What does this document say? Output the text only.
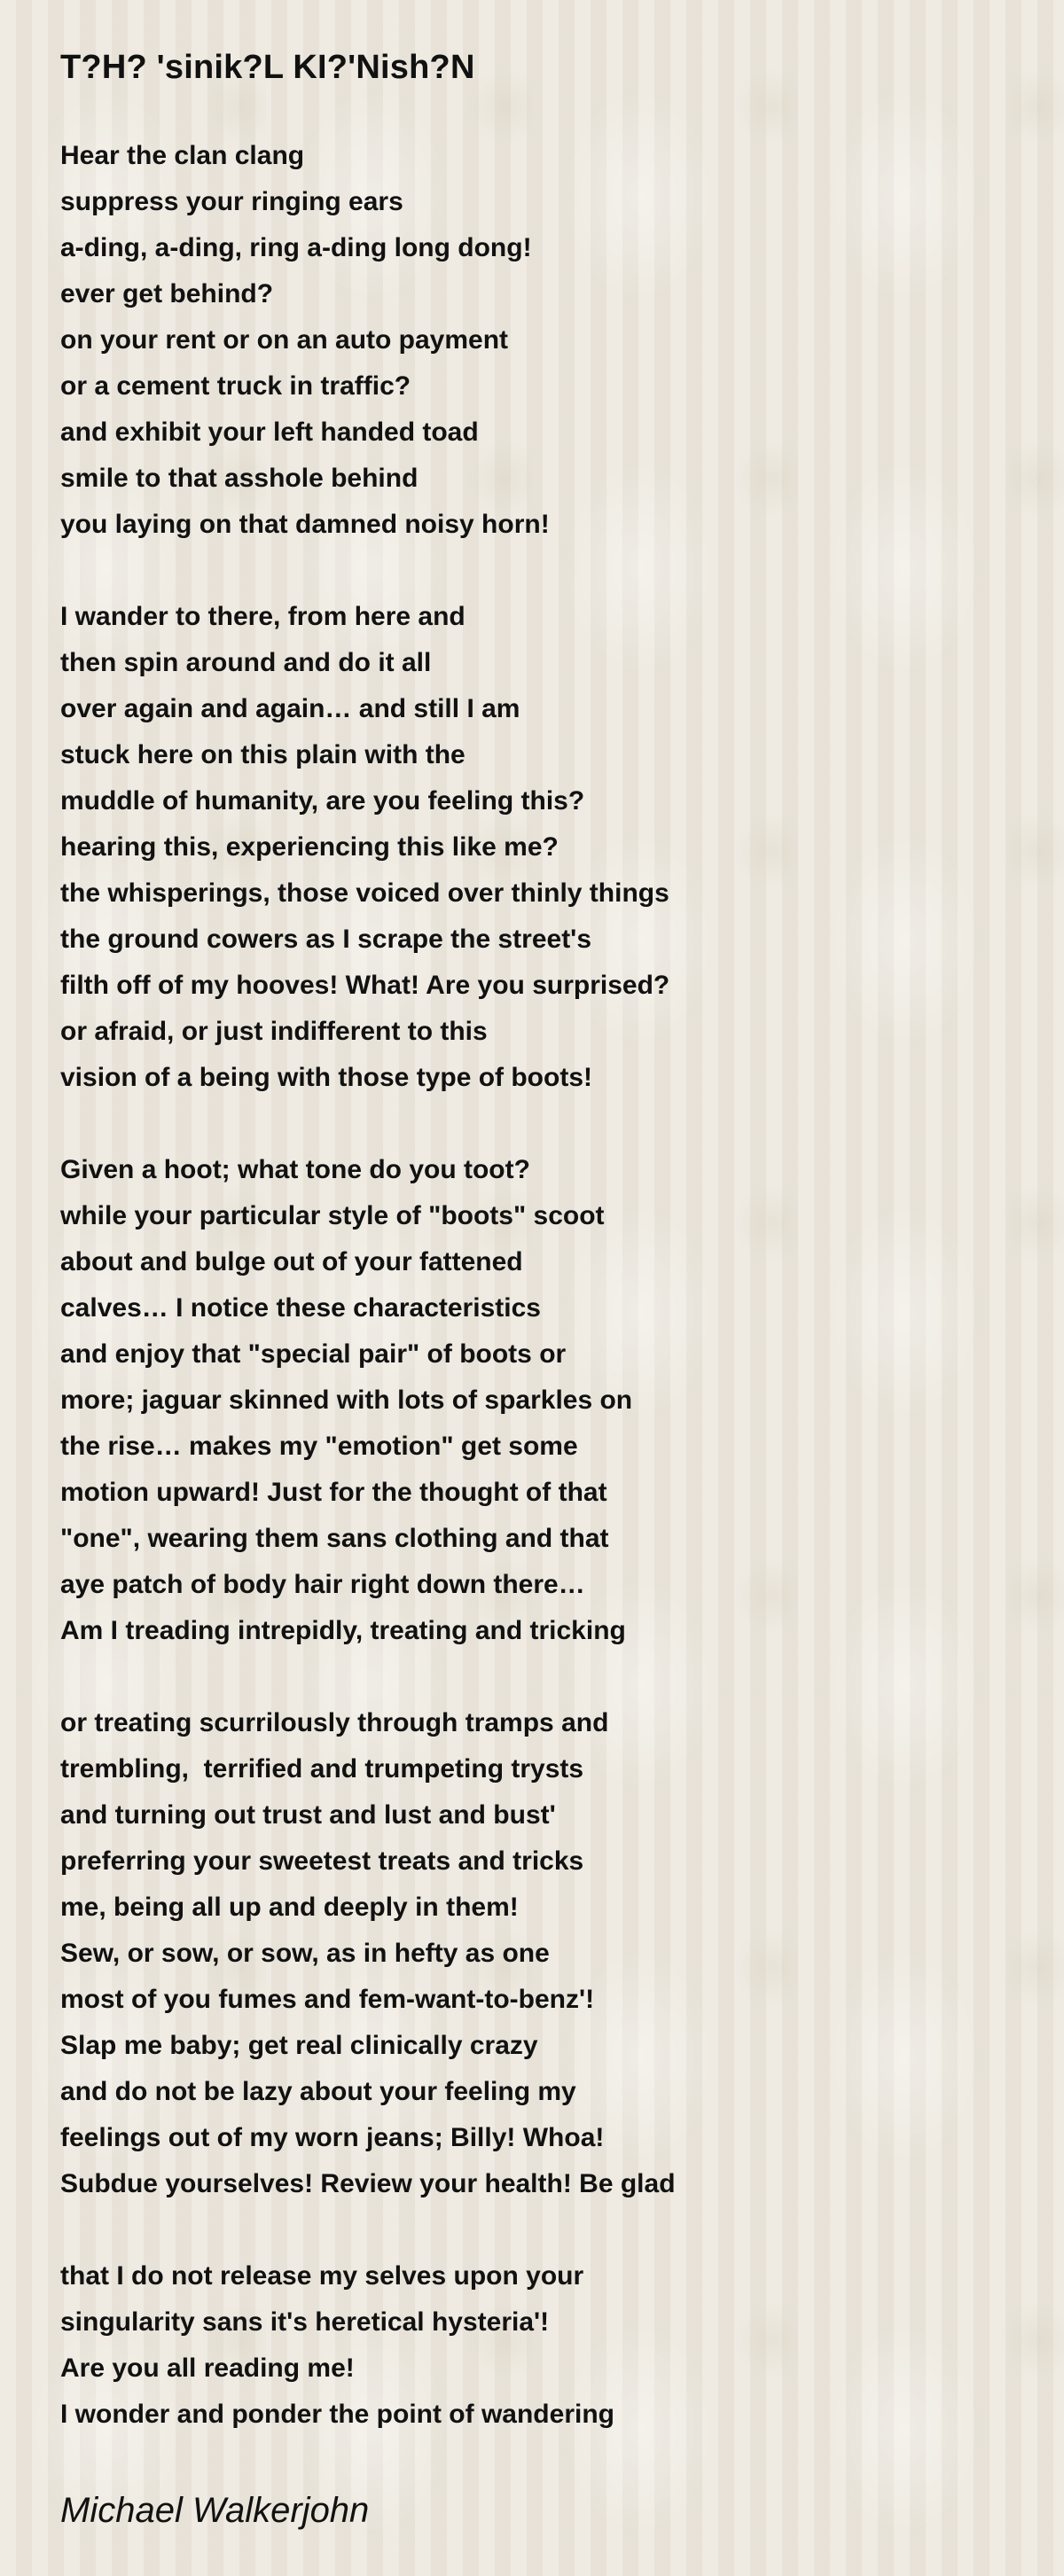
T?H? 'sinik?L KI?'Nish?N
Hear the clan clang
suppress your ringing ears
a-ding, a-ding, ring a-ding long dong!
ever get behind?
on your rent or on an auto payment
or a cement truck in traffic?
and exhibit your left handed toad
smile to that asshole behind
you laying on that damned noisy horn!
I wander to there, from here and
then spin around and do it all
over again and again… and still I am
stuck here on this plain with the
muddle of humanity, are you feeling this?
hearing this, experiencing this like me?
the whisperings, those voiced over thinly things
the ground cowers as I scrape the street's
filth off of my hooves! What! Are you surprised?
or afraid, or just indifferent to this
vision of a being with those type of boots!
Given a hoot; what tone do you toot?
while your particular style of "boots" scoot
about and bulge out of your fattened
calves… I notice these characteristics
and enjoy that "special pair" of boots or
more; jaguar skinned with lots of sparkles on
the rise… makes my "emotion" get some
motion upward! Just for the thought of that
"one", wearing them sans clothing and that
aye patch of body hair right down there…
Am I treading intrepidly, treating and tricking
or treating scurrilously through tramps and
trembling,  terrified and trumpeting trysts
and turning out trust and lust and bust'
preferring your sweetest treats and tricks
me, being all up and deeply in them!
Sew, or sow, or sow, as in hefty as one
most of you fumes and fem-want-to-benz'!
Slap me baby; get real clinically crazy
and do not be lazy about your feeling my
feelings out of my worn jeans; Billy! Whoa!
Subdue yourselves! Review your health! Be glad
that I do not release my selves upon your
singularity sans it's heretical hysteria'!
Are you all reading me!
I wonder and ponder the point of wandering
Michael Walkerjohn
